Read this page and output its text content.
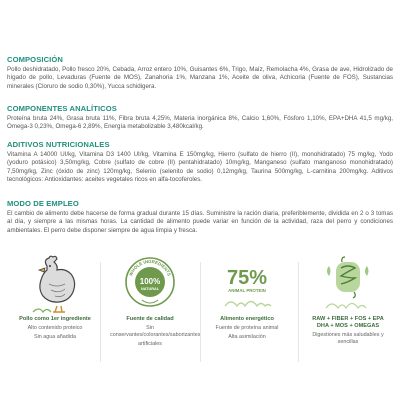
COMPOSICIÓN

Pollo deshidratado, Pollo fresco 20%, Cebada, Arroz entero 10%, Guisantes 6%, Trigo, Maíz, Remolacha 4%, Grasa de ave, Hidrolizado de hígado de pollo, Levaduras (Fuente de MOS), Zanahoria 1%, Manzana 1%, Aceite de oliva, Achicoria (Fuente de FOS), Sustancias minerales (Cloruro de sodio 0,30%), Yucca schidigera.

COMPONENTES ANALÍTICOS

Proteína bruta 24%, Grasa bruta 11%, Fibra bruta 4,25%, Materia inorgánica 8%, Calcio 1,60%, Fósforo 1,10%, EPA+DHA 41,5 mg/kg, Omega-3 0,23%, Omega-6 2,89%, Energía metabolizable 3,480kcal/kg.

ADITIVOS NUTRICIONALES

Vitamina A 14000 UI/kg, Vitamina D3 1400 UI/kg, Vitamina E 150mg/kg, Hierro (sulfato de hierro (II), monohidratado) 75 mg/kg, Yodo (yoduro potásico) 3,50mg/kg, Cobre (sulfato de cobre (II) pentahidratado) 10mg/kg, Manganeso (sulfato manganoso monohidratado) 7,50mg/kg, Zinc (óxido de zinc) 120mg/kg, Selenio (selenito de sodio) 0,12mg/kg, Taurina 500mg/kg, L-carnitina 200mg/kg. Aditivos tecnológicos: Antioxidantes: aceites vegetales ricos en alfa-tocoferoles.

MODO DE EMPLEO

El cambio de alimento debe hacerse de forma gradual durante 15 días. Suministre la ración diaria, preferiblemente, dividida en 2 o 3 tomas al día, y siempre a las mismas horas. La cantidad de alimento puede variar en función de la actividad, raza del perro y condiciones ambientales. El perro debe disponer siempre de agua limpia y fresca.

Pollo como 1er ingrediente
Alto contenido proteico
Sin agua añadida
WHOLE INGREDIENTS
100%
NATURAL
Fuente de calidad
Sin conservantes/colorantes/saborizantes
artificiales
75%
ANIMAL PROTEIN
Alimento energético
Fuente de proteína animal
Alta asimilación
RAW + FIBER + FOS + EPA DHA + MOS + OMEGAS
Digestiones más saludables y sencillas
